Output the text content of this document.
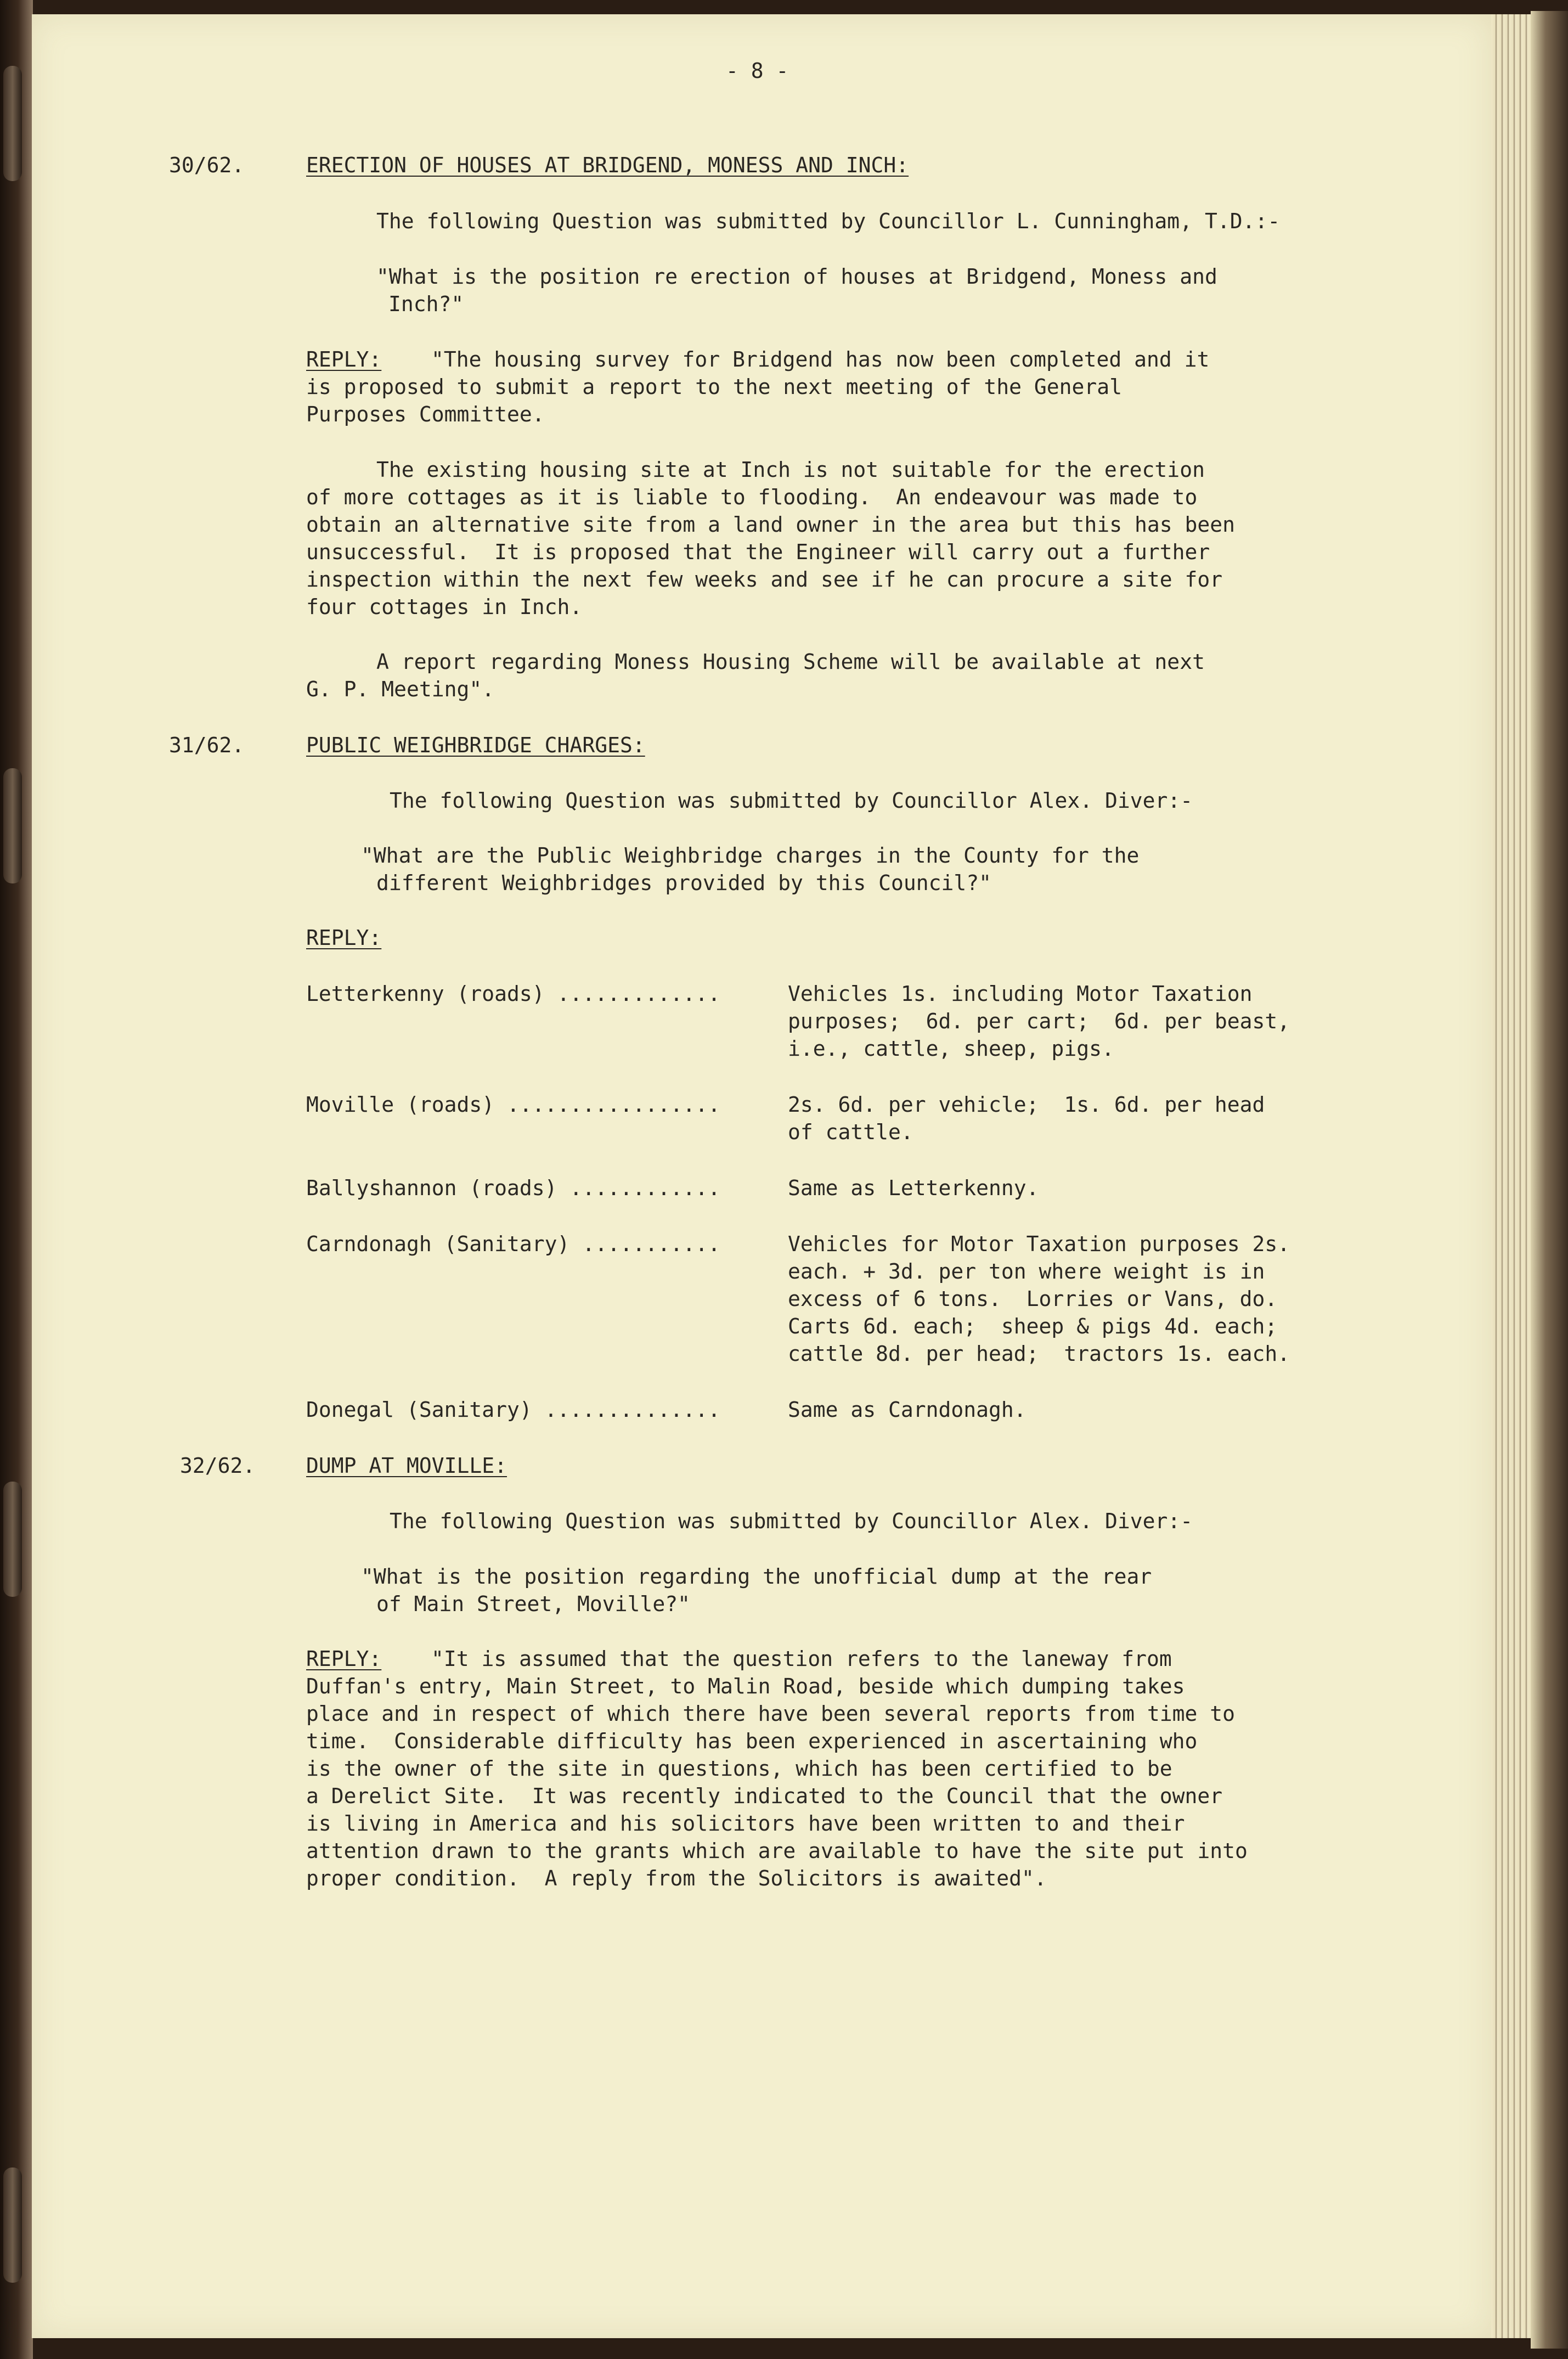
- 8 -
30/62.	ERECTION OF HOUSES AT BRIDGEND, MONESS AND INCH:
The following Question was submitted by Councillor L. Cunningham, T.D.:-
"What is the position re erection of houses at Bridgend, Moness and
Inch?"
REPLY: "The housing survey for Bridgend has now been completed and it
is proposed to submit a report to the next meeting of the General
Purposes Committee.
The existing housing site at Inch is not suitable for the erection
of more cottages as it is liable to flooding.  An endeavour was made to
obtain an alternative site from a land owner in the area but this has been
unsuccessful.  It is proposed that the Engineer will carry out a further
inspection within the next few weeks and see if he can procure a site for
four cottages in Inch.
A report regarding Moness Housing Scheme will be available at next
G. P. Meeting".
31/62.	PUBLIC WEIGHBRIDGE CHARGES:
The following Question was submitted by Councillor Alex. Diver:-
"What are the Public Weighbridge charges in the County for the
different Weighbridges provided by this Council?"
REPLY:
Letterkenny (roads) .............	Vehicles 1s. including Motor Taxation
purposes;  6d. per cart;  6d. per beast,
i.e., cattle, sheep, pigs.
Moville (roads) .................	2s. 6d. per vehicle;  1s. 6d. per head
of cattle.
Ballyshannon (roads) ............	Same as Letterkenny.
Carndonagh (Sanitary) ...........	Vehicles for Motor Taxation purposes 2s.
each. + 3d. per ton where weight is in
excess of 6 tons.  Lorries or Vans, do.
Carts 6d. each;  sheep & pigs 4d. each;
cattle 8d. per head;  tractors 1s. each.
Donegal (Sanitary) ..............	Same as Carndonagh.
32/62. DUMP AT MOVILLE:
The following Question was submitted by Councillor Alex. Diver:-
"What is the position regarding the unofficial dump at the rear
of Main Street, Moville?"
REPLY: "It is assumed that the question refers to the laneway from
Duffan's entry, Main Street, to Malin Road, beside which dumping takes
place and in respect of which there have been several reports from time to
time.  Considerable difficulty has been experienced in ascertaining who
is the owner of the site in questions, which has been certified to be
a Derelict Site.  It was recently indicated to the Council that the owner
is living in America and his solicitors have been written to and their
attention drawn to the grants which are available to have the site put into
proper condition.  A reply from the Solicitors is awaited".
